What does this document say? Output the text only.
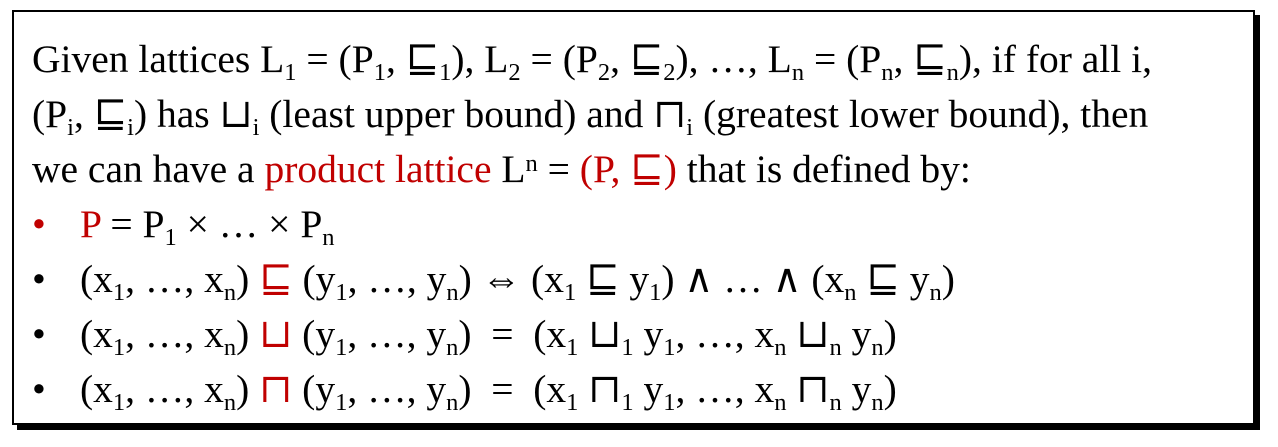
Given lattices $L_1 = (P_1$, $⊑_1$), $L_2 = (P_2$, $⊑_2$), …, $L_n = (P_n$, $⊑_n$), if for all i,
($P_i$, $⊑_i$) has $⊔_i$ (least upper bound) and $⊓_i$ (greatest lower bound), then
we can have a product lattice $L^n = (P$, ⊑) that is defined by:
• $P = P_1$ × … × $P_n$
• ($x_1$, …, $x_n$) ⊑ ($y_1$, …, $y_n$) ⇔ ($x_1$ ⊑ $y_1$) ∧ … ∧ ($x_n$ ⊑ $y_n$)
• ($x_1$, …, $x_n$) ⊔ ($y_1$, …, $y_n) = (x_1$ $⊔_1$ $y_1$, …, $x_n$ $⊔_n$ $y_n$)
• ($x_1$, …, $x_n$) ⊓ ($y_1$, …, $y_n) = (x_1$ $⊓_1$ $y_1$, …, $x_n$ $⊓_n$ $y_n$)
